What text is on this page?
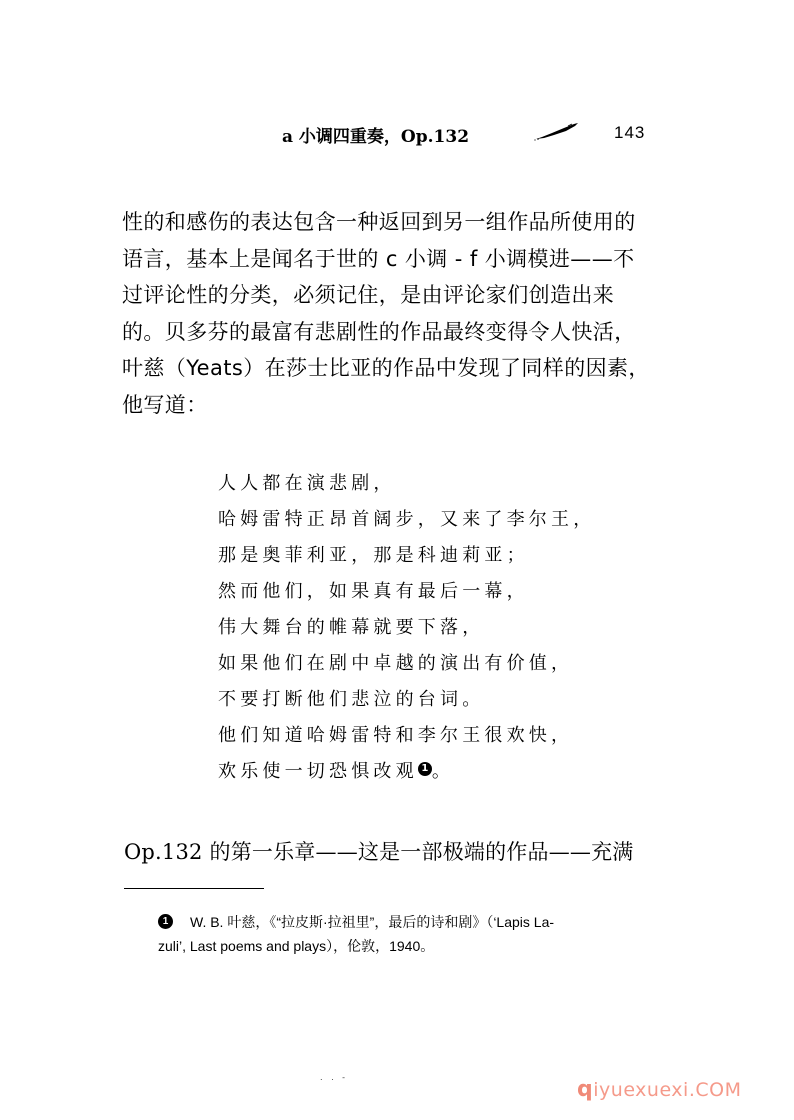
a 小调四重奏，Op.132	143
性的和感伤的表达包含一种返回到另一组作品所使用的
语言，基本上是闻名于世的 c 小调 - f 小调模进——不
过评论性的分类，必须记住，是由评论家们创造出来
的。贝多芬的最富有悲剧性的作品最终变得令人快活，
叶慈（Yeats）在莎士比亚的作品中发现了同样的因素，
他写道：
人人都在演悲剧，
哈姆雷特正昂首阔步，又来了李尔王，
那是奥菲利亚，那是科迪莉亚；
然而他们，如果真有最后一幕，
伟大舞台的帷幕就要下落，
如果他们在剧中卓越的演出有价值，
不要打断他们悲泣的台词。
他们知道哈姆雷特和李尔王很欢快，
欢乐使一切恐惧改观 1 。
Op.132 的第一乐章——这是一部极端的作品——充满
1	W. B. 叶慈，《“拉皮斯·拉祖里”，最后的诗和剧》（‘Lapis La-
zuli’, Last poems and plays），伦敦，1940。
. . -	qiyuexuexi.COM
